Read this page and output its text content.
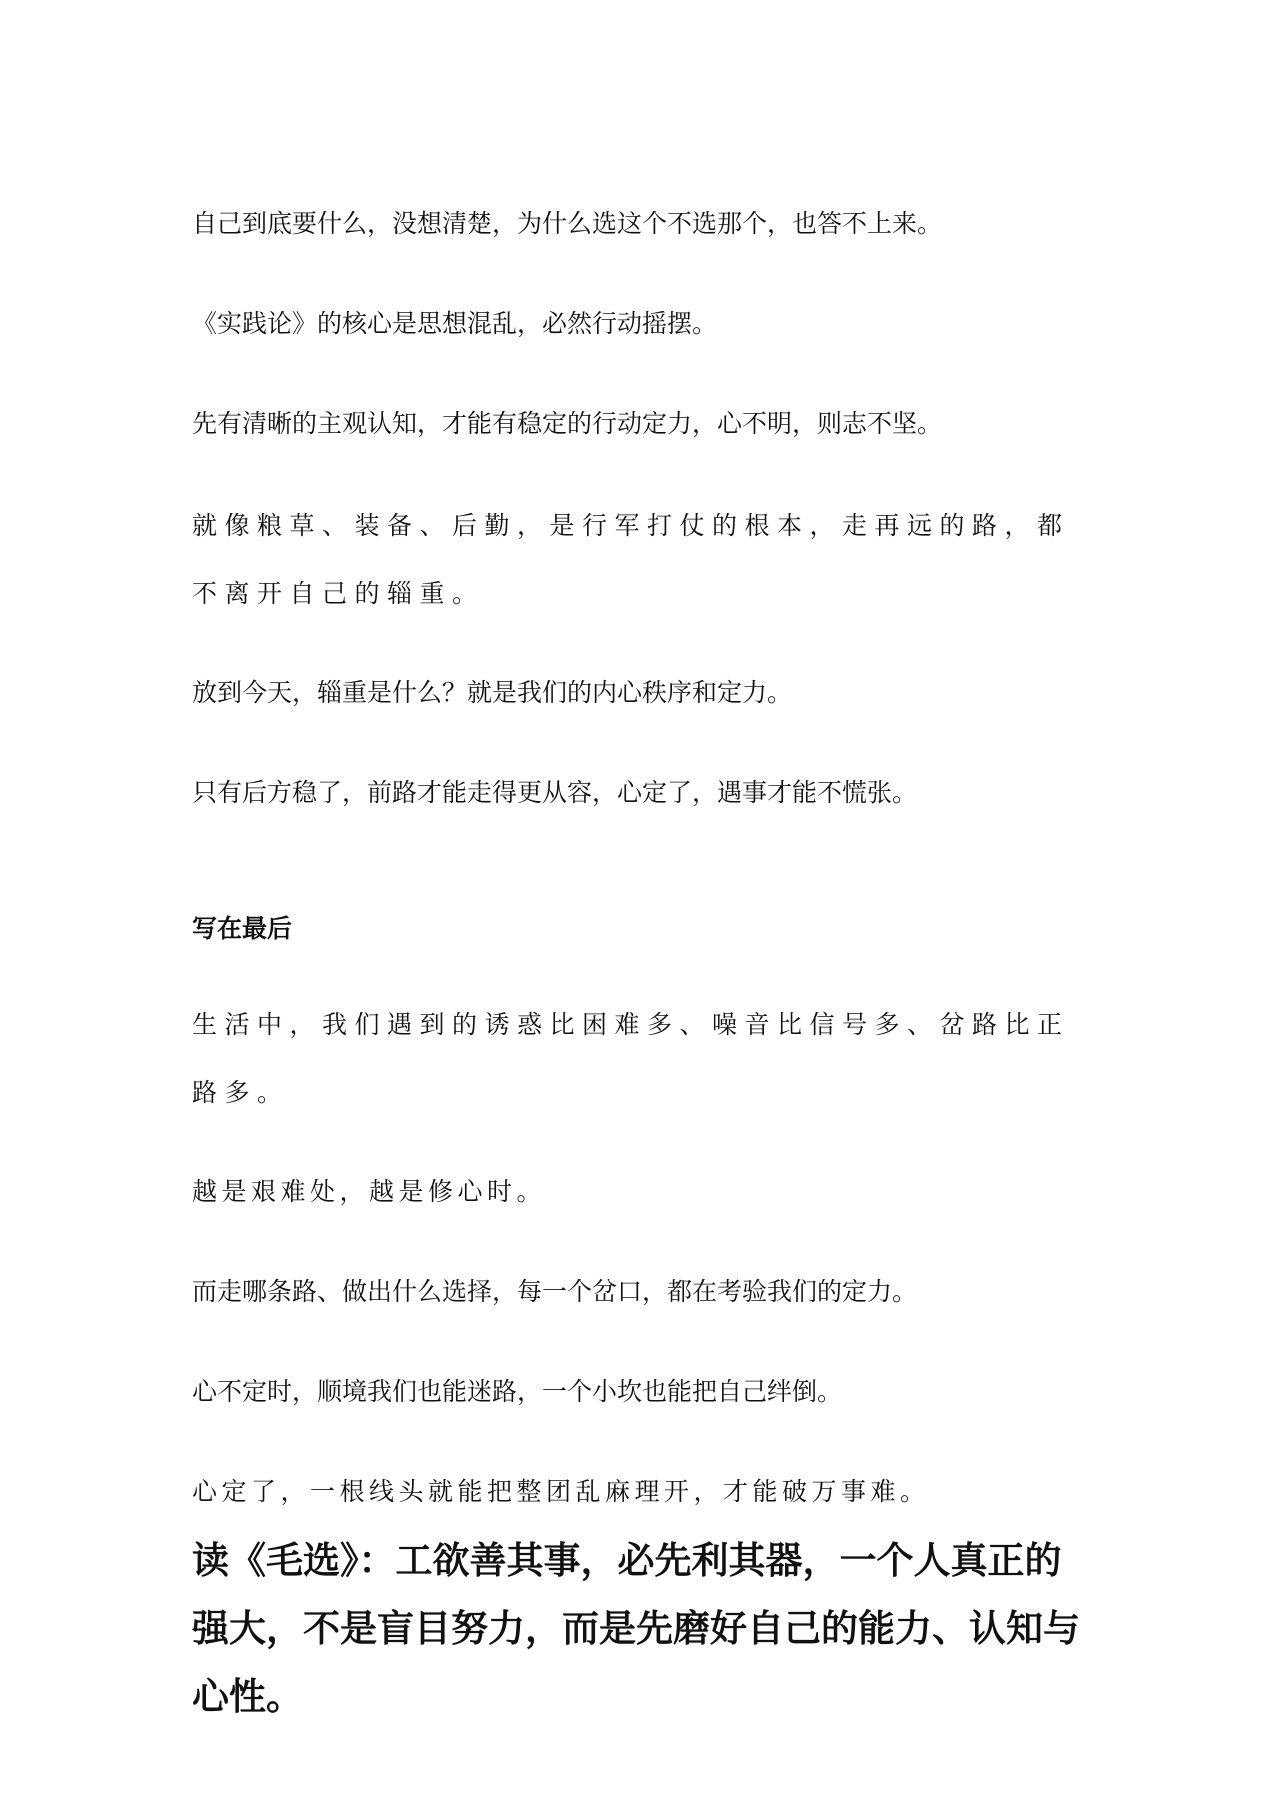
自己到底要什么，没想清楚，为什么选这个不选那个，也答不上来。

《实践论》的核心是思想混乱，必然行动摇摆。

先有清晰的主观认知，才能有稳定的行动定力，心不明，则志不坚。

就像粮草、装备、后勤，是行军打仗的根本，走再远的路，都不离开自己的辎重。

放到今天，辎重是什么？就是我们的内心秩序和定力。

只有后方稳了，前路才能走得更从容，心定了，遇事才能不慌张。

写在最后

生活中，我们遇到的诱惑比困难多、噪音比信号多、岔路比正路多。

越是艰难处，越是修心时。

而走哪条路、做出什么选择，每一个岔口，都在考验我们的定力。

心不定时，顺境我们也能迷路，一个小坎也能把自己绊倒。

心定了，一根线头就能把整团乱麻理开，才能破万事难。

读《毛选》：工欲善其事，必先利其器，一个人真正的强大，不是盲目努力，而是先磨好自己的能力、认知与心性。
